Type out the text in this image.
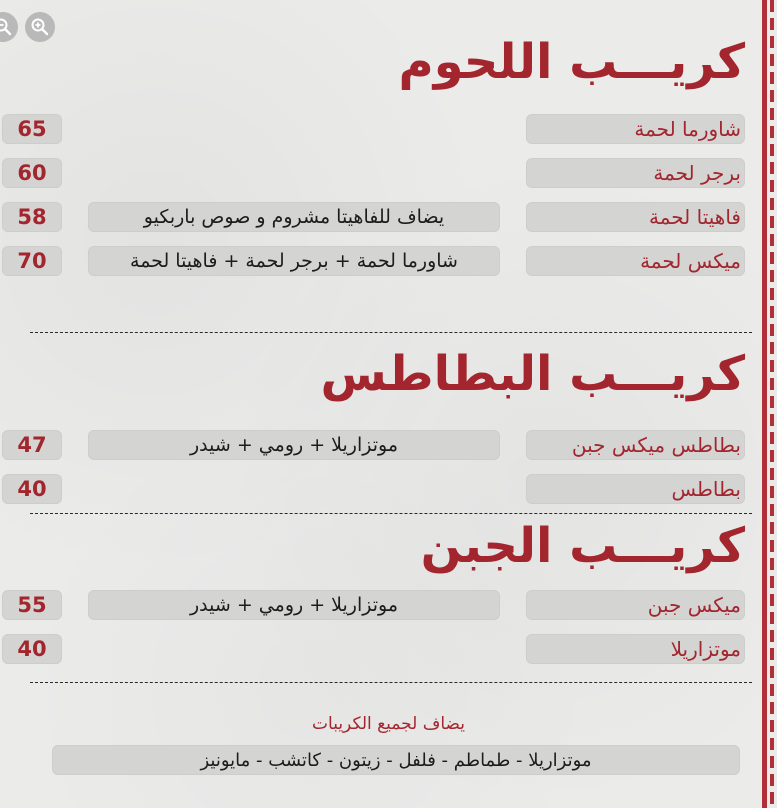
كريـــب اللحوم
65	شاورما لحمة
60	برجر لحمة
58	يضاف للفاهيتا مشروم و صوص باربكيو	فاهيتا لحمة
70	شاورما لحمة + برجر لحمة + فاهيتا لحمة	ميكس لحمة
كريـــب البطاطس
47	موتزاريلا + رومي + شيدر	بطاطس ميكس جبن
40	بطاطس
كريـــب الجبن
55	موتزاريلا + رومي + شيدر	ميكس جبن
40	موتزاريلا
يضاف لجميع الكريبات
موتزاريلا - طماطم - فلفل - زيتون - كاتشب - مايونيز
